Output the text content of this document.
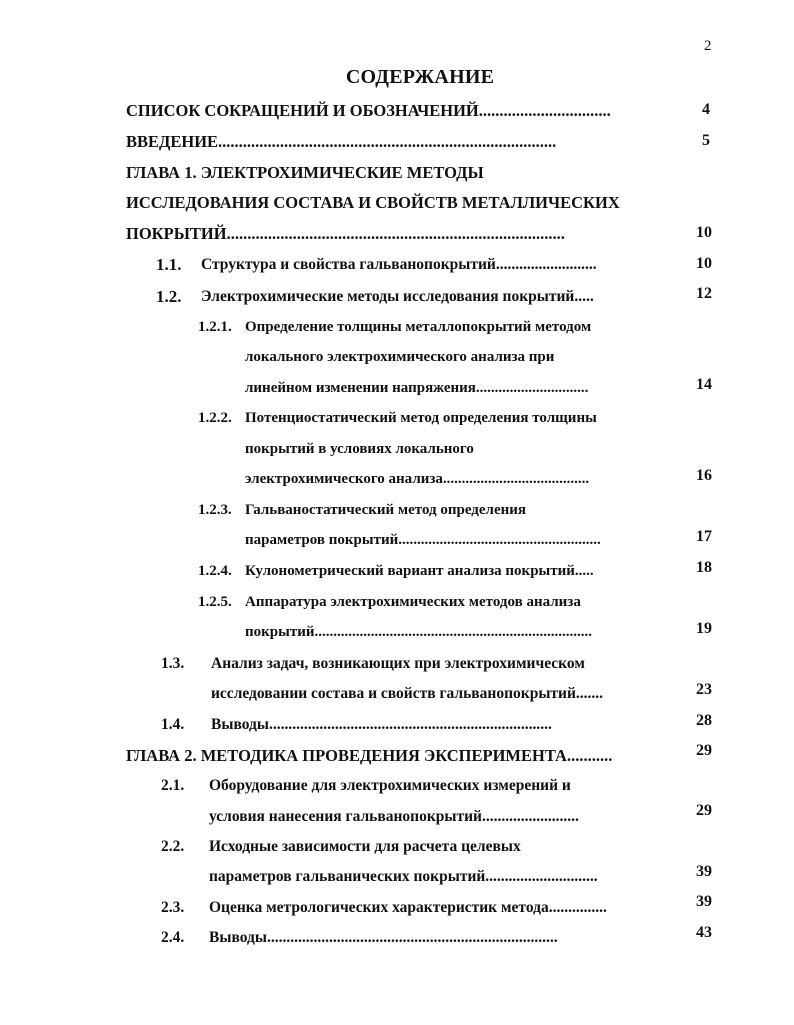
2
СОДЕРЖАНИЕ
СПИСОК СОКРАЩЕНИЙ И ОБОЗНАЧЕНИЙ................................	4
ВВЕДЕНИЕ..................................................................................	5
ГЛАВА 1. ЭЛЕКТРОХИМИЧЕСКИЕ МЕТОДЫ
ИССЛЕДОВАНИЯ СОСТАВА И СВОЙСТВ МЕТАЛЛИЧЕСКИХ
ПОКРЫТИЙ..................................................................................	10
1.1. Структура и свойства гальванопокрытий..........................	10
1.2. Электрохимические методы исследования покрытий.....	12
1.2.1. Определение толщины металлопокрытий методом
локального электрохимического анализа при
линейном изменении напряжения..............................	14
1.2.2. Потенциостатический метод определения толщины
покрытий в условиях локального
электрохимического анализа.......................................	16
1.2.3. Гальваностатический метод определения
параметров покрытий......................................................	17
1.2.4. Кулонометрический вариант анализа покрытий.....	18
1.2.5. Аппаратура электрохимических методов анализа
покрытий..........................................................................	19
1.3. Анализ задач, возникающих при электрохимическом
исследовании состава и свойств гальванопокрытий.......	23
1.4. Выводы.........................................................................	28
ГЛАВА 2. МЕТОДИКА ПРОВЕДЕНИЯ ЭКСПЕРИМЕНТА...........	29
2.1. Оборудование для электрохимических измерений и
условия нанесения гальванопокрытий.........................	29
2.2. Исходные зависимости для расчета целевых
параметров гальванических покрытий.............................	39
2.3. Оценка метрологических характеристик метода...............	39
2.4. Выводы...........................................................................	43
